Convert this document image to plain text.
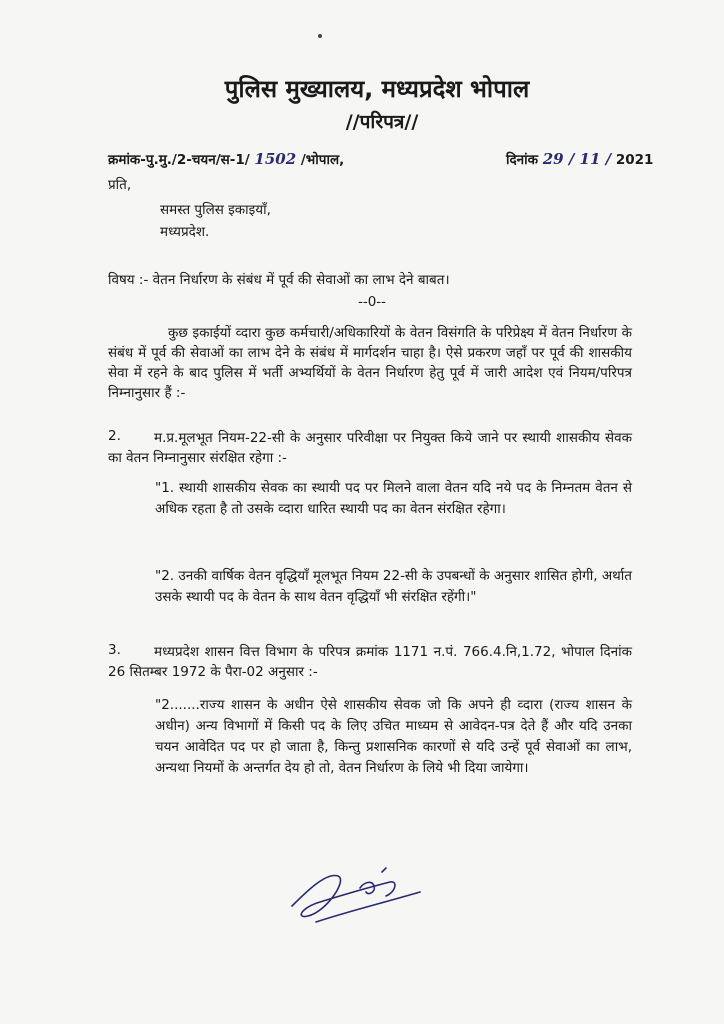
पुलिस मुख्यालय, मध्यप्रदेश भोपाल
//परिपत्र//
क्रमांक-पु.मु./2-चयन/स-1/ 1502 /भोपाल,	दिनांक 29 / 11 / 2021
प्रति,
समस्त पुलिस इकाइयाँ,
मध्यप्रदेश.
विषय :- वेतन निर्धारण के संबंध में पूर्व की सेवाओं का लाभ देने बाबत।
--0--
कुछ इकाईयों व्दारा कुछ कर्मचारी/अधिकारियों के वेतन विसंगति के परिप्रेक्ष्य में वेतन निर्धारण के संबंध में पूर्व की सेवाओं का लाभ देने के संबंध में मार्गदर्शन चाहा है। ऐसे प्रकरण जहाँ पर पूर्व की शासकीय सेवा में रहने के बाद पुलिस में भर्ती अभ्यर्थियों के वेतन निर्धारण हेतु पूर्व में जारी आदेश एवं नियम/परिपत्र निम्नानुसार हैं :-
2.	म.प्र.मूलभूत नियम-22-सी के अनुसार परिवीक्षा पर नियुक्त किये जाने पर स्थायी शासकीय सेवक का वेतन निम्नानुसार संरक्षित रहेगा :-
"1. स्थायी शासकीय सेवक का स्थायी पद पर मिलने वाला वेतन यदि नये पद के निम्नतम वेतन से अधिक रहता है तो उसके व्दारा धारित स्थायी पद का वेतन संरक्षित रहेगा।
"2. उनकी वार्षिक वेतन वृद्धियाँ मूलभूत नियम 22-सी के उपबन्धों के अनुसार शासित होगी, अर्थात उसके स्थायी पद के वेतन के साथ वेतन वृद्धियाँ भी संरक्षित रहेंगी।"
3.	मध्यप्रदेश शासन वित्त विभाग के परिपत्र क्रमांक 1171 न.पं. 766.4.नि,1.72, भोपाल दिनांक 26 सितम्बर 1972 के पैरा-02 अनुसार :-
"2.......राज्य शासन के अधीन ऐसे शासकीय सेवक जो कि अपने ही व्दारा (राज्य शासन के अधीन) अन्य विभागों में किसी पद के लिए उचित माध्यम से आवेदन-पत्र देते हैं और यदि उनका चयन आवेदित पद पर हो जाता है, किन्तु प्रशासनिक कारणों से यदि उन्हें पूर्व सेवाओं का लाभ, अन्यथा नियमों के अन्तर्गत देय हो तो, वेतन निर्धारण के लिये भी दिया जायेगा।
